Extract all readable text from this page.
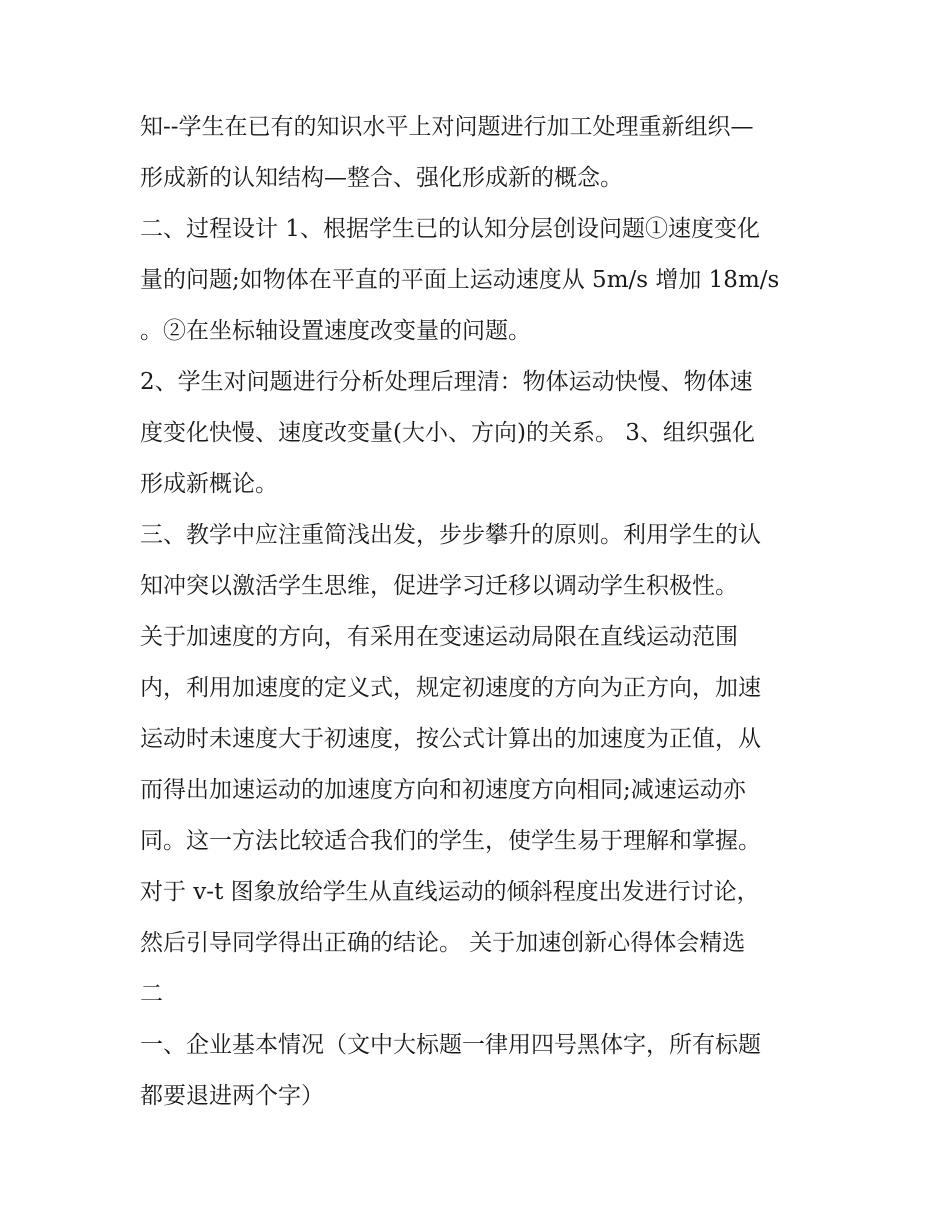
知--学生在已有的知识水平上对问题进行加工处理重新组织—
形成新的认知结构—整合、强化形成新的概念。
二、过程设计 1、根据学生已的认知分层创设问题①速度变化
量的问题;如物体在平直的平面上运动速度从 5m/s 增加 18m/s
。②在坐标轴设置速度改变量的问题。
2、学生对问题进行分析处理后理清：物体运动快慢、物体速
度变化快慢、速度改变量(大小、方向)的关系。 3、组织强化
形成新概论。
三、教学中应注重简浅出发，步步攀升的原则。利用学生的认
知冲突以激活学生思维，促进学习迁移以调动学生积极性。
关于加速度的方向，有采用在变速运动局限在直线运动范围
内，利用加速度的定义式，规定初速度的方向为正方向，加速
运动时未速度大于初速度，按公式计算出的加速度为正值，从
而得出加速运动的加速度方向和初速度方向相同;减速运动亦
同。这一方法比较适合我们的学生，使学生易于理解和掌握。
对于 v-t 图象放给学生从直线运动的倾斜程度出发进行讨论，
然后引导同学得出正确的结论。 关于加速创新心得体会精选
二
一、企业基本情况（文中大标题一律用四号黑体字，所有标题
都要退进两个字）
